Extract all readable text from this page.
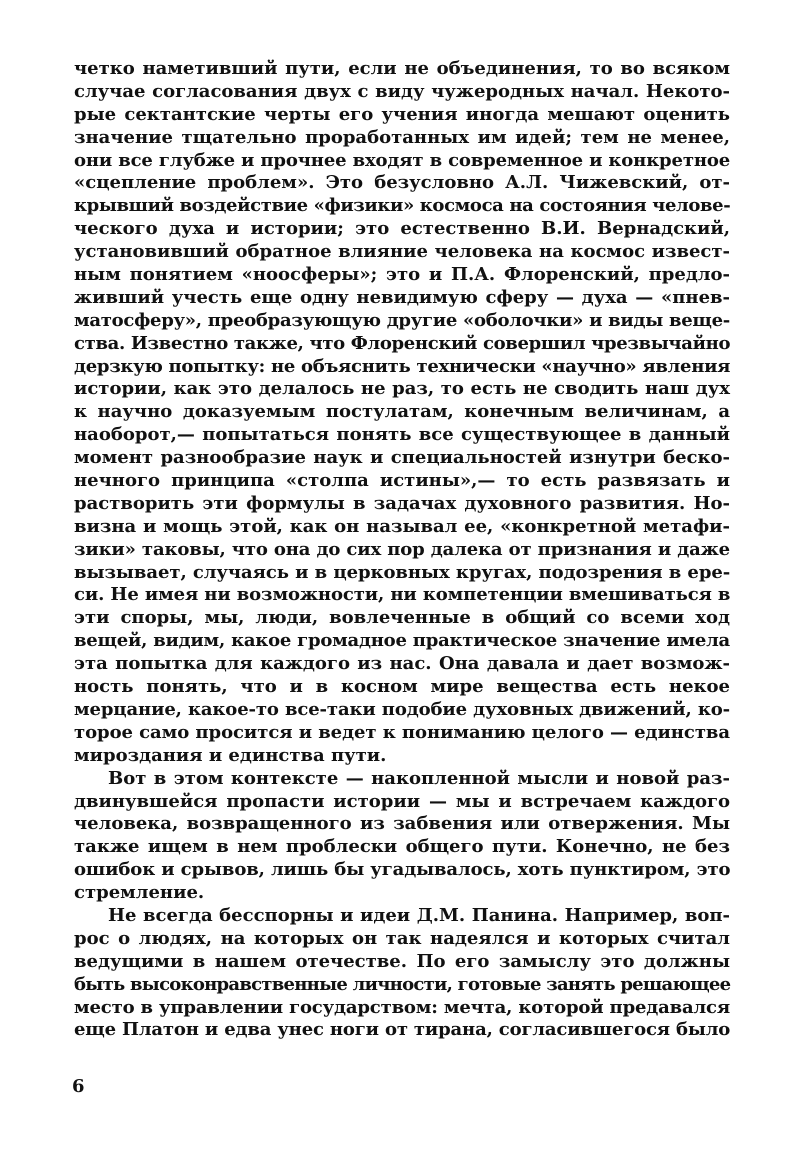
четко наметивший пути, если не объединения, то во всяком
случае согласования двух с виду чужеродных начал. Некото-
рые сектантские черты его учения иногда мешают оценить
значение тщательно проработанных им идей; тем не менее,
они все глубже и прочнее входят в современное и конкретное
«сцепление проблем». Это безусловно А.Л. Чижевский, от-
крывший воздействие «физики» космоса на состояния челове-
ческого духа и истории; это естественно В.И. Вернадский,
установивший обратное влияние человека на космос извест-
ным понятием «ноосферы»; это и П.А. Флоренский, предло-
живший учесть еще одну невидимую сферу — духа — «пнев-
матосферу», преобразующую другие «оболочки» и виды веще-
ства. Известно также, что Флоренский совершил чрезвычайно
дерзкую попытку: не объяснить технически «научно» явления
истории, как это делалось не раз, то есть не сводить наш дух
к научно доказуемым постулатам, конечным величинам, а
наоборот,— попытаться понять все существующее в данный
момент разнообразие наук и специальностей изнутри беско-
нечного принципа «столпа истины»,— то есть развязать и
растворить эти формулы в задачах духовного развития. Но-
визна и мощь этой, как он называл ее, «конкретной метафи-
зики» таковы, что она до сих пор далека от признания и даже
вызывает, случаясь и в церковных кругах, подозрения в ере-
си. Не имея ни возможности, ни компетенции вмешиваться в
эти споры, мы, люди, вовлеченные в общий со всеми ход
вещей, видим, какое громадное практическое значение имела
эта попытка для каждого из нас. Она давала и дает возмож-
ность понять, что и в косном мире вещества есть некое
мерцание, какое-то все-таки подобие духовных движений, ко-
торое само просится и ведет к пониманию целого — единства
мироздания и единства пути.
Вот в этом контексте — накопленной мысли и новой раз-
двинувшейся пропасти истории — мы и встречаем каждого
человека, возвращенного из забвения или отвержения. Мы
также ищем в нем проблески общего пути. Конечно, не без
ошибок и срывов, лишь бы угадывалось, хоть пунктиром, это
стремление.
Не всегда бесспорны и идеи Д.М. Панина. Например, воп-
рос о людях, на которых он так надеялся и которых считал
ведущими в нашем отечестве. По его замыслу это должны
быть высоконравственные личности, готовые занять решающее
место в управлении государством: мечта, которой предавался
еще Платон и едва унес ноги от тирана, согласившегося было
6
